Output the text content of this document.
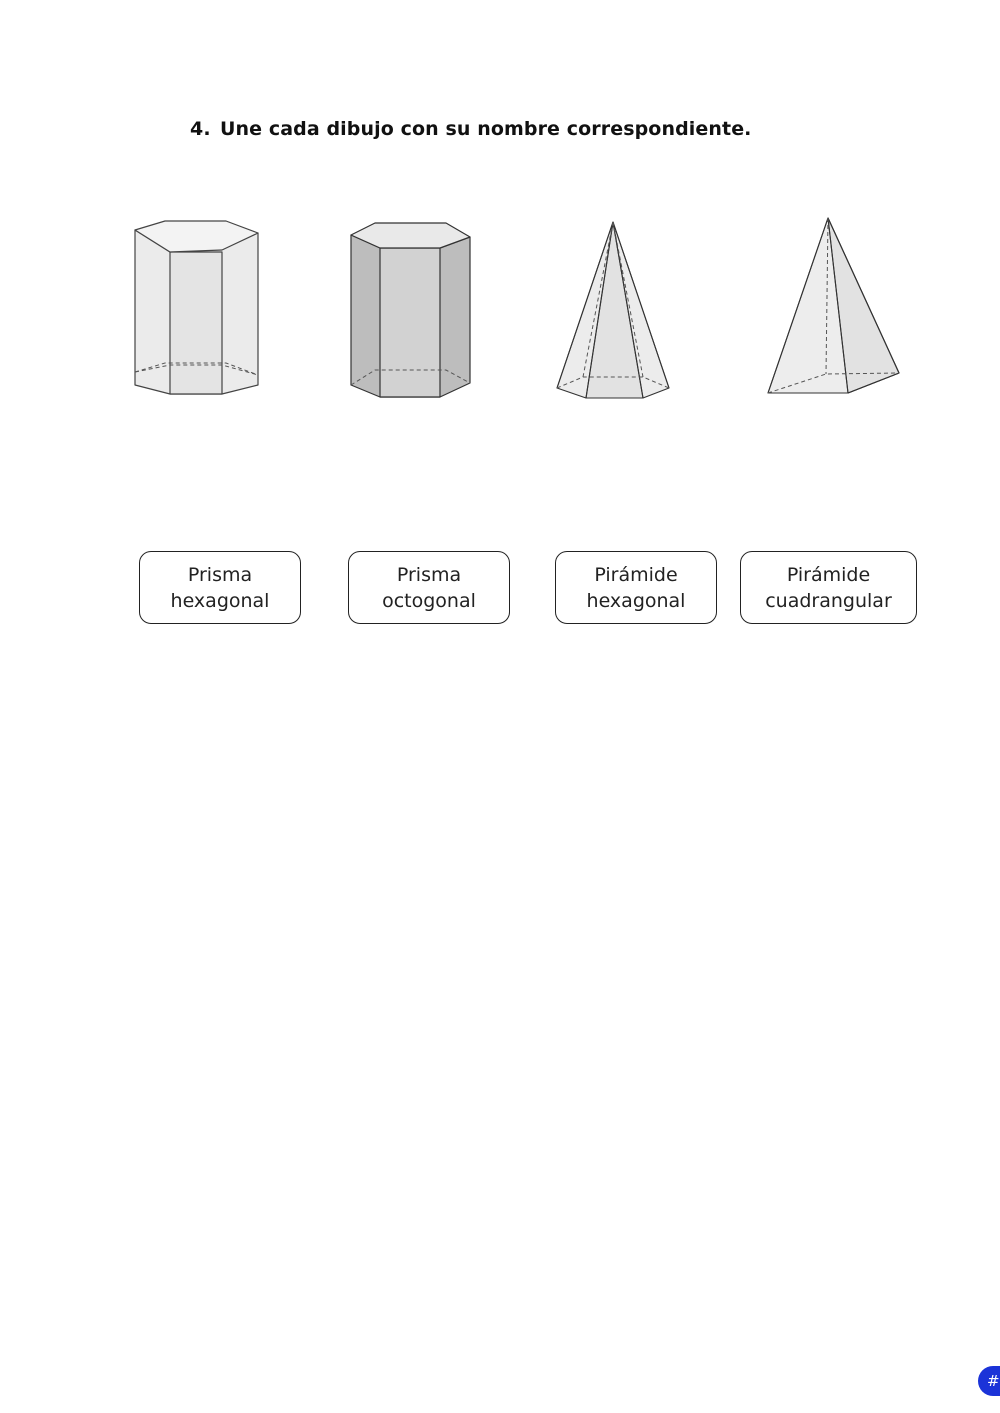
4. Une cada dibujo con su nombre correspondiente.
Prisma
hexagonal
Prisma
octogonal
Pirámide
hexagonal
Pirámide
cuadrangular
#
